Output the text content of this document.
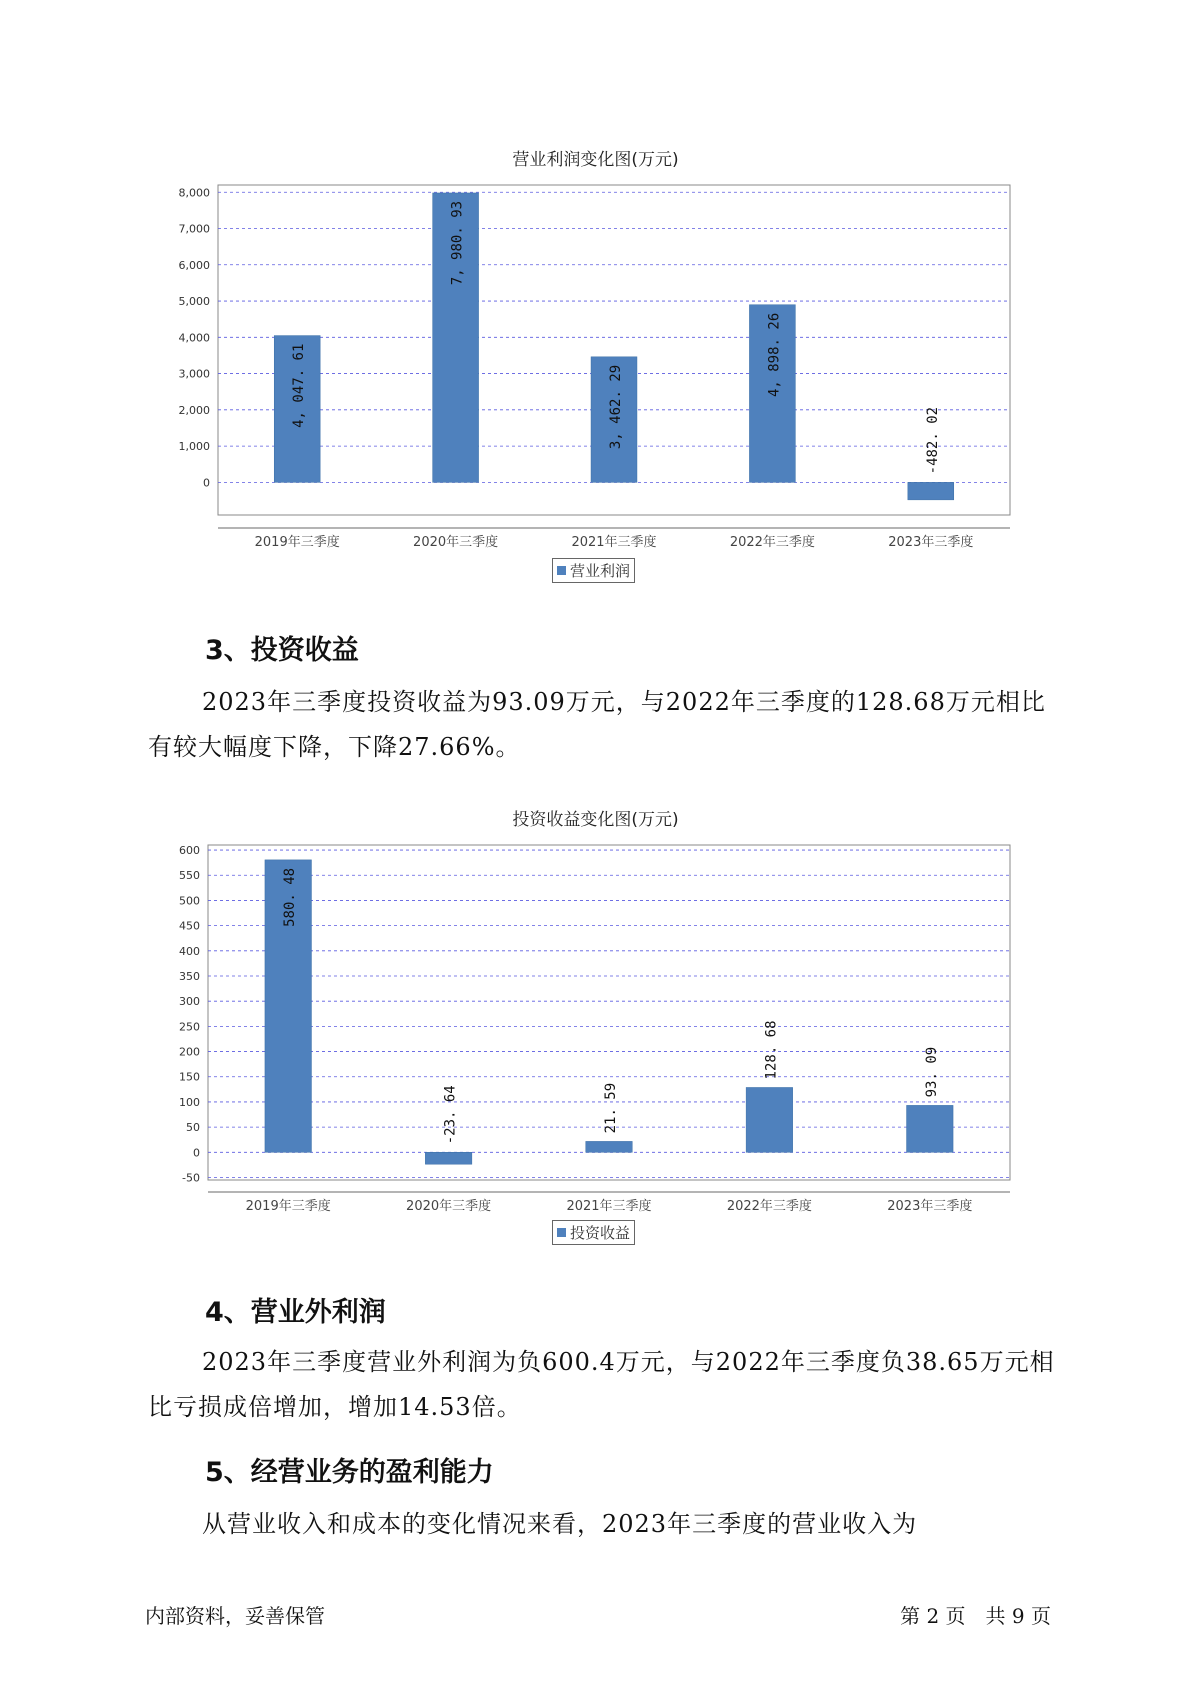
营业利润变化图(万元)
0
1,000
2,000
3,000
4,000
5,000
6,000
7,000
8,000
4, 047. 61
2019年三季度
7, 980. 93
2020年三季度
3, 462. 29
2021年三季度
4, 898. 26
2022年三季度
-482. 02
2023年三季度
营业利润
3、投资收益
2023年三季度投资收益为93.09万元，与2022年三季度的128.68万元相比有较大幅度下降，下降27.66%。
投资收益变化图(万元)
-50
0
50
100
150
200
250
300
350
400
450
500
550
600
580. 48
2019年三季度
-23. 64
2020年三季度
21. 59
2021年三季度
128. 68
2022年三季度
93. 09
2023年三季度
投资收益
4、营业外利润
2023年三季度营业外利润为负600.4万元，与2022年三季度负38.65万元相比亏损成倍增加，增加14.53倍。
5、经营业务的盈利能力
从营业收入和成本的变化情况来看，2023年三季度的营业收入为
内部资料，妥善保管	第 2 页　共 9 页
